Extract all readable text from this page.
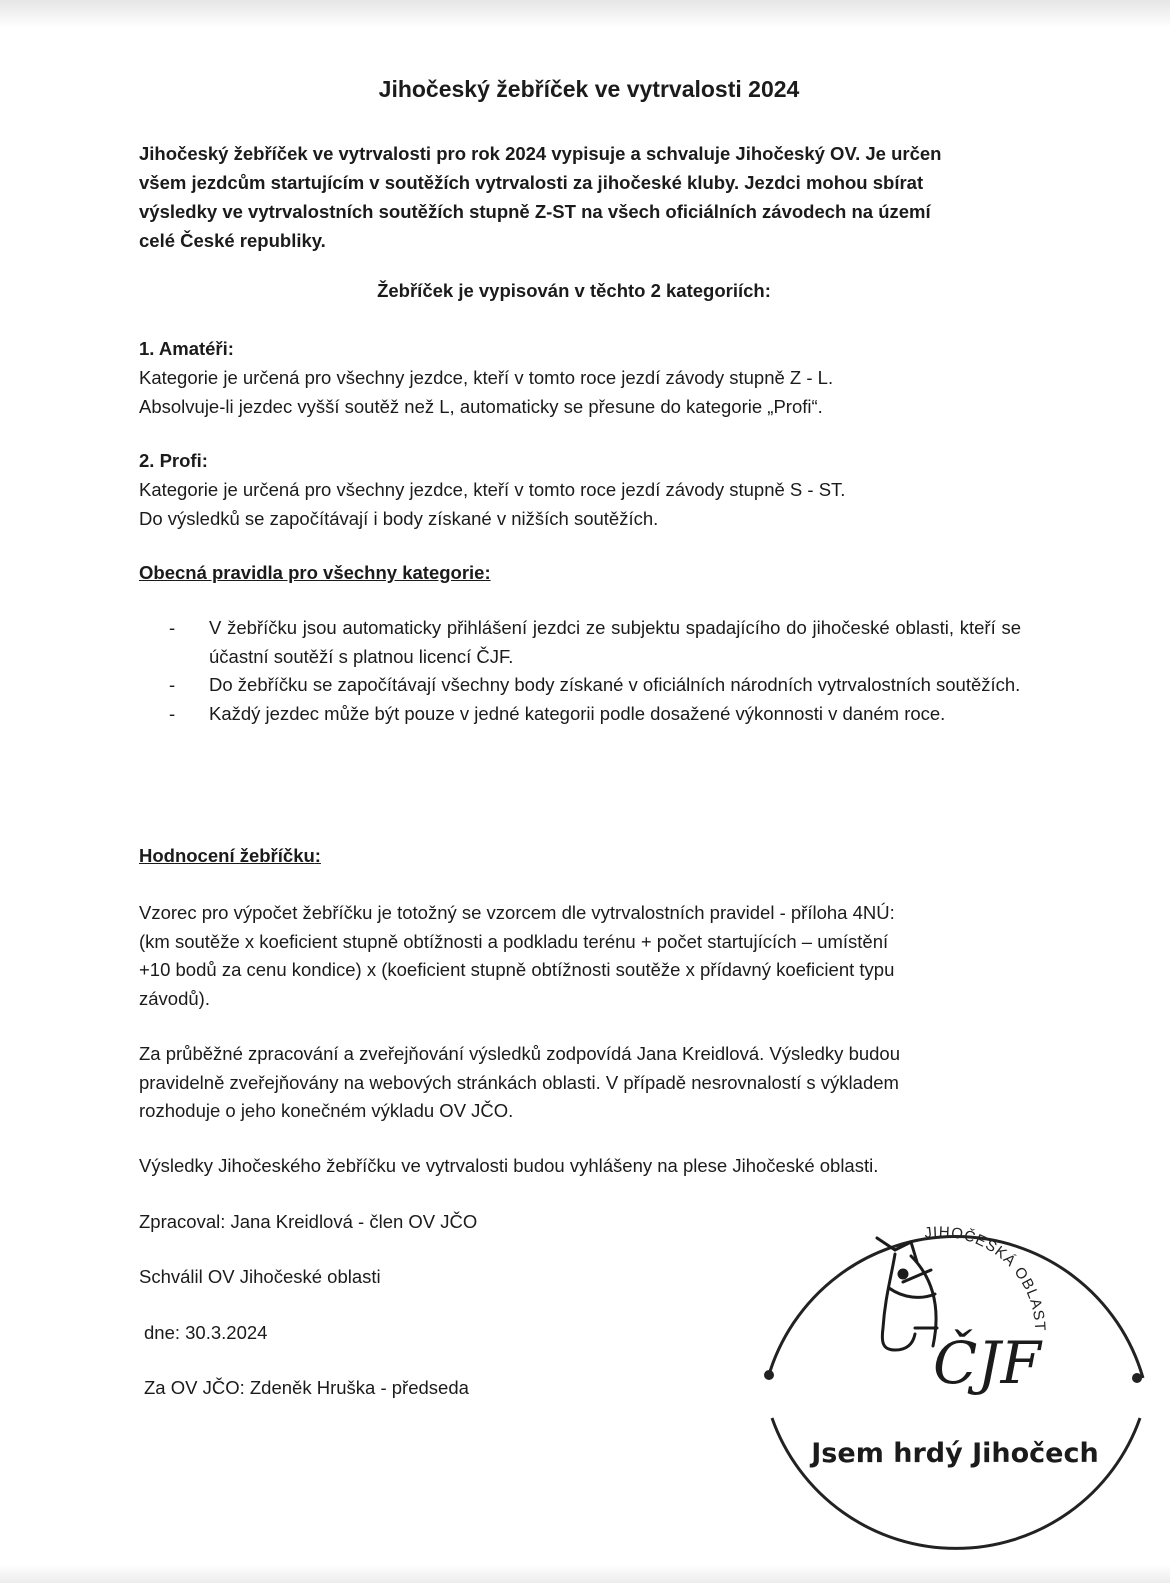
Jihočeský žebříček ve vytrvalosti 2024
Jihočeský žebříček ve vytrvalosti pro rok 2024 vypisuje a schvaluje Jihočeský OV. Je určen
všem jezdcům startujícím v soutěžích vytrvalosti za jihočeské kluby. Jezdci mohou sbírat
výsledky ve vytrvalostních soutěžích stupně Z-ST na všech oficiálních závodech na území
celé České republiky.
Žebříček je vypisován v těchto 2 kategoriích:
1. Amatéři:
Kategorie je určená pro všechny jezdce, kteří v tomto roce jezdí závody stupně Z - L.
Absolvuje-li jezdec vyšší soutěž než L, automaticky se přesune do kategorie „Profi“.
2. Profi:
Kategorie je určená pro všechny jezdce, kteří v tomto roce jezdí závody stupně S - ST.
Do výsledků se započítávají i body získané v nižších soutěžích.
Obecná pravidla pro všechny kategorie:
- V žebříčku jsou automaticky přihlášení jezdci ze subjektu spadajícího do jihočeské oblasti, kteří se účastní soutěží s platnou licencí ČJF.
- Do žebříčku se započítávají všechny body získané v oficiálních národních vytrvalostních soutěžích.
- Každý jezdec může být pouze v jedné kategorii podle dosažené výkonnosti v daném roce.
Hodnocení žebříčku:
Vzorec pro výpočet žebříčku je totožný se vzorcem dle vytrvalostních pravidel - příloha 4NÚ:
(km soutěže x koeficient stupně obtížnosti a podkladu terénu + počet startujících – umístění
+10 bodů za cenu kondice) x (koeficient stupně obtížnosti soutěže x přídavný koeficient typu
závodů).
Za průběžné zpracování a zveřejňování výsledků zodpovídá Jana Kreidlová. Výsledky budou
pravidelně zveřejňovány na webových stránkách oblasti. V případě nesrovnalostí s výkladem
rozhoduje o jeho konečném výkladu OV JČO.
Výsledky Jihočeského žebříčku ve vytrvalosti budou vyhlášeny na plese Jihočeské oblasti.
Zpracoval: Jana Kreidlová - člen OV JČO
Schválil OV Jihočeské oblasti
dne: 30.3.2024
Za OV JČO: Zdeněk Hruška - předseda
JIHOČESKÁ OBLAST
ČJF
Jsem hrdý Jihočech
